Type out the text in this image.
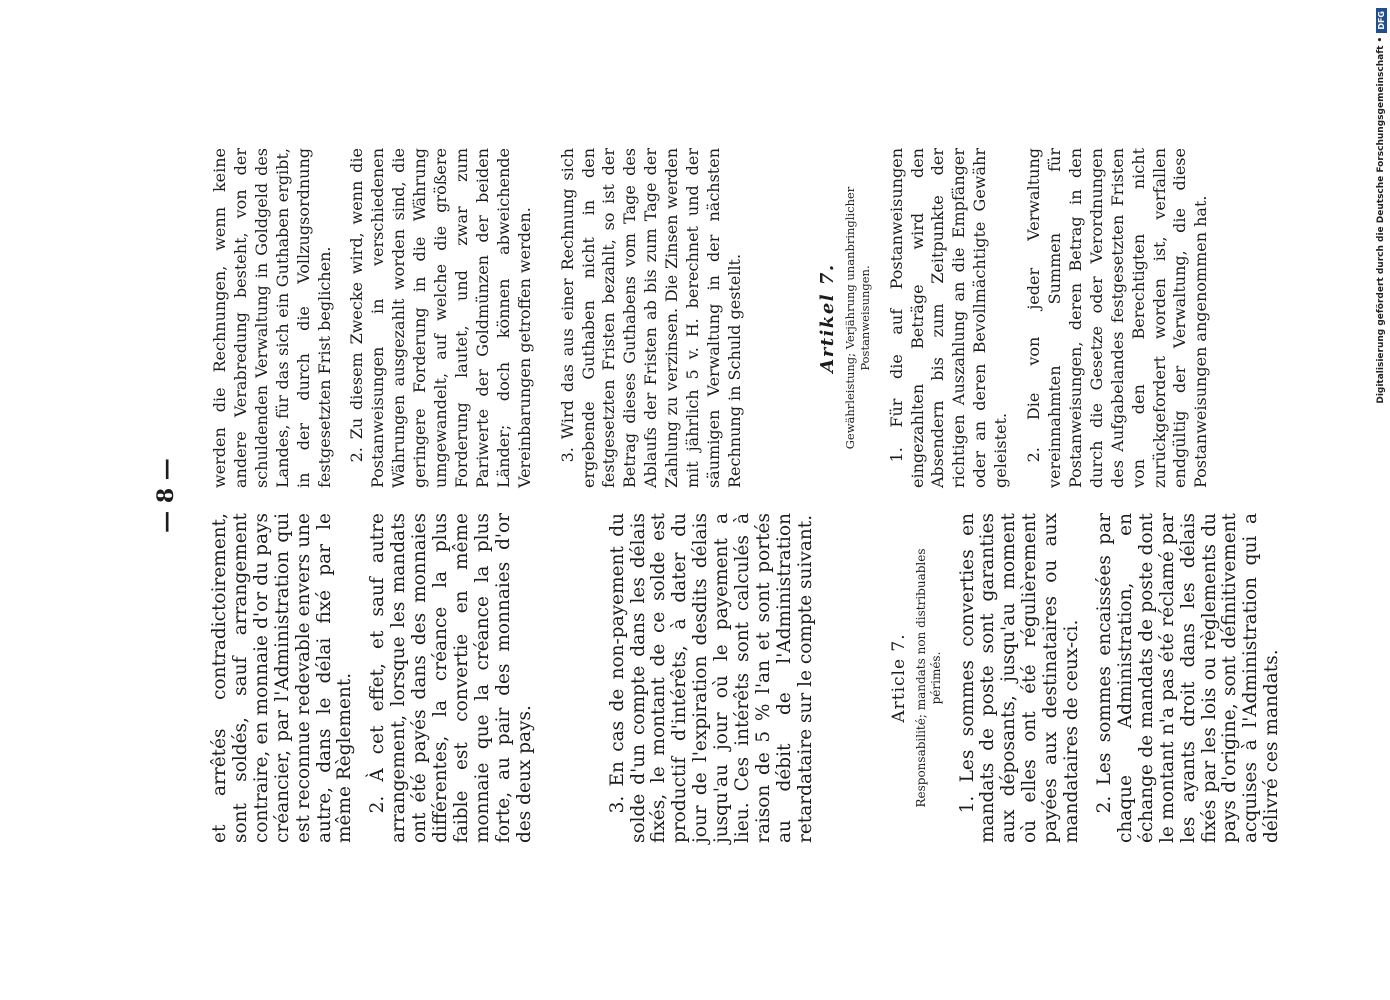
— 8 —

et arrêtés contradictoirement, sont soldés, sauf arrangement contraire, en monnaie d'or du pays créancier, par l'Administration qui est reconnue redevable envers une autre, dans le délai fixé par le même Règlement. 2. À cet effet, et sauf autre arrangement, lorsque les mandats ont été payés dans des monnaies différentes, la créance la plus faible est convertie en même monnaie que la créance la plus forte, au pair des monnaies d'or des deux pays.	3. En cas de non-payement du solde d'un compte dans les délais fixés, le montant de ce solde est productif d'intérêts, à dater du jour de l'expiration desdits délais jusqu'au jour où le payement a lieu. Ces intérêts sont calculés à raison de 5 % l'an et sont portés au débit de l'Administration retardataire sur le compte suivant.	Article 7. Responsabilité; mandats non distribuables périmés. 1. Les sommes converties en mandats de poste sont garanties aux déposants, jusqu'au moment où elles ont été régulièrement payées aux destinataires ou aux mandataires de ceux-ci. 2. Les sommes encaissées par chaque Administration, en échange de mandats de poste dont le montant n'a pas été réclamé par les ayants droit dans les délais fixés par les lois ou règlements du pays d'origine, sont définitivement acquises à l'Administration qui a délivré ces mandats.

werden die Rechnungen, wenn keine andere Verabredung besteht, von der schuldenden Verwaltung in Goldgeld des Landes, für das sich ein Guthaben ergibt, in der durch die Vollzugsordnung festgesetzten Frist beglichen. 2. Zu diesem Zwecke wird, wenn die Postanweisungen in verschiedenen Währungen ausgezahlt worden sind, die geringere Forderung in die Währung umgewandelt, auf welche die größere Forderung lautet, und zwar zum Pariwerte der Goldmünzen der beiden Länder; doch können abweichende Vereinbarungen getroffen werden. 3. Wird das aus einer Rechnung sich ergebende Guthaben nicht in den festgesetzten Fristen bezahlt, so ist der Betrag dieses Guthabens vom Tage des Ablaufs der Fristen ab bis zum Tage der Zahlung zu verzinsen. Die Zinsen werden mit jährlich 5 v. H. berechnet und der säumigen Verwaltung in der nächsten Rechnung in Schuld gestellt.	Artikel 7. Gewährleistung; Verjährung unanbringlicher Postanweisungen. 1. Für die auf Postanweisungen eingezahlten Beträge wird den Absendern bis zum Zeitpunkte der richtigen Auszahlung an die Empfänger oder an deren Bevollmächtigte Gewähr geleistet. 2. Die von jeder Verwaltung vereinnahmten Summen für Postanweisungen, deren Betrag in den durch die Gesetze oder Verordnungen des Aufgabelandes festgesetzten Fristen von den Berechtigten nicht zurückgefordert worden ist, verfallen endgültig der Verwaltung, die diese Postanweisungen angenommen hat.	Digitalisierung gefördert durch die Deutsche Forschungsgemeinschaft •
DFG
